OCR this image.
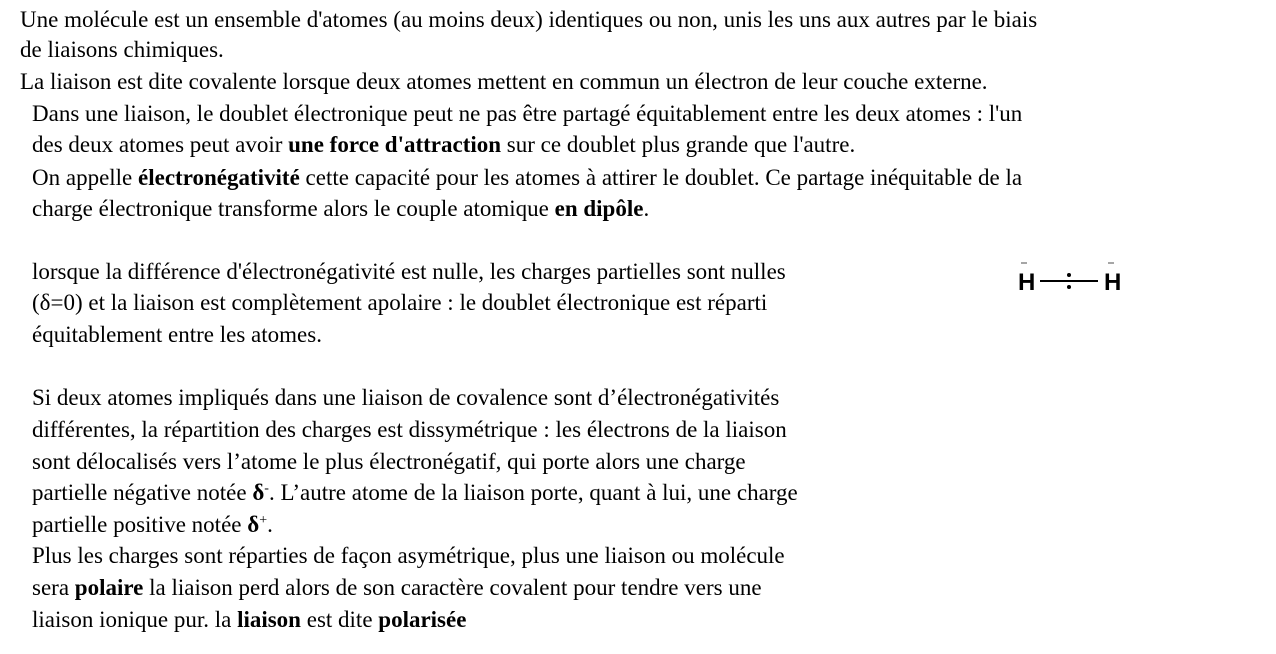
Une molécule est un ensemble d'atomes (au moins deux) identiques ou non, unis les uns aux autres par le biais

de liaisons chimiques.

La liaison est dite covalente lorsque deux atomes mettent en commun un électron de leur couche externe.

Dans une liaison, le doublet électronique peut ne pas être partagé équitablement entre les deux atomes : l'un

des deux atomes peut avoir une force d'attraction sur ce doublet plus grande que l'autre.

On appelle électronégativité cette capacité pour les atomes à attirer le doublet. Ce partage inéquitable de la

charge électronique transforme alors le couple atomique en dipôle.

lorsque la différence d'électronégativité est nulle, les charges partielles sont nulles

(δ=0) et la liaison est complètement apolaire : le doublet électronique est réparti

équitablement entre les atomes.

Si deux atomes impliqués dans une liaison de covalence sont d’électronégativités

différentes, la répartition des charges est dissymétrique : les électrons de la liaison

sont délocalisés vers l’atome le plus électronégatif, qui porte alors une charge

partielle négative notée δ-. L’autre atome de la liaison porte, quant à lui, une charge

partielle positive notée δ+.

Plus les charges sont réparties de façon asymétrique, plus une liaison ou molécule

sera polaire la liaison perd alors de son caractère covalent pour tendre vers une

liaison ionique pur. la liaison est dite polarisée

H	H
